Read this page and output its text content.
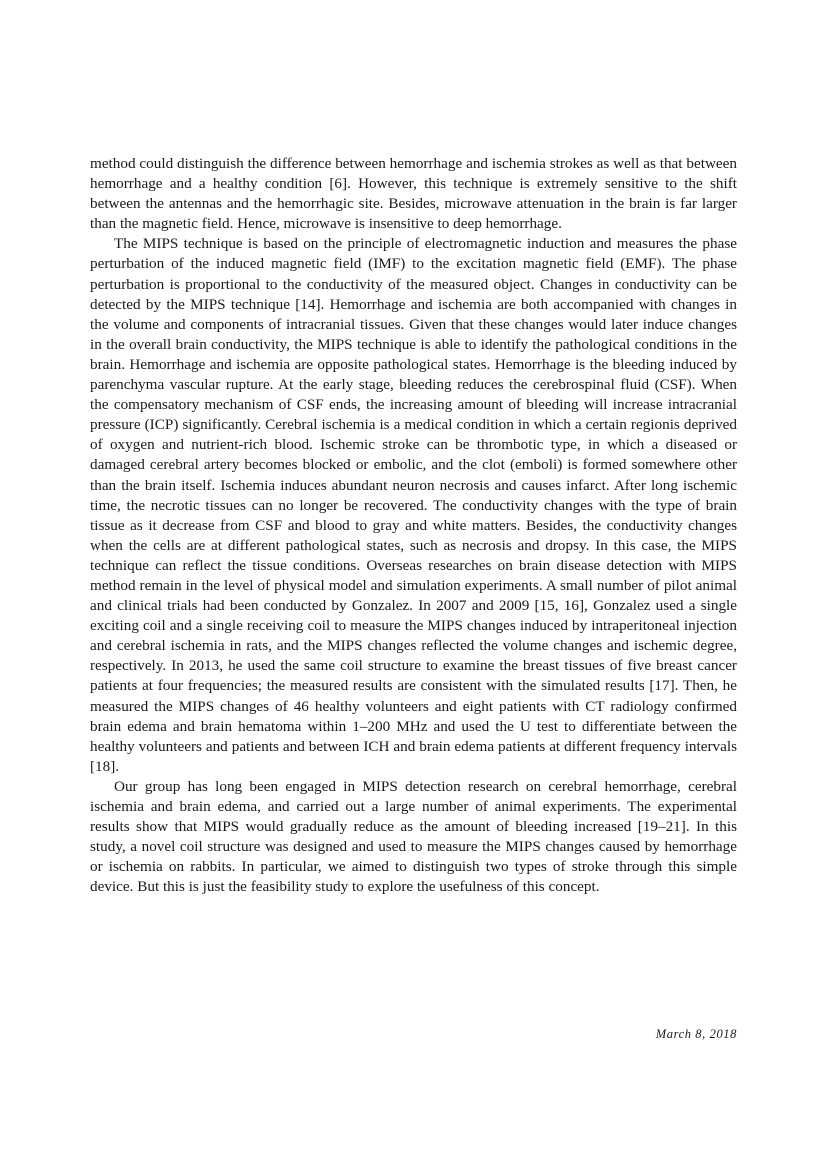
method could distinguish the difference between hemorrhage and ischemia strokes as well as that between hemorrhage and a healthy condition [6]. However, this technique is extremely sensitive to the shift between the antennas and the hemorrhagic site. Besides, microwave attenuation in the brain is far larger than the magnetic field. Hence, microwave is insensitive to deep hemorrhage.

The MIPS technique is based on the principle of electromagnetic induction and measures the phase perturbation of the induced magnetic field (IMF) to the excitation magnetic field (EMF). The phase perturbation is proportional to the conductivity of the measured object. Changes in conductivity can be detected by the MIPS technique [14]. Hemorrhage and ischemia are both accompanied with changes in the volume and components of intracranial tissues. Given that these changes would later induce changes in the overall brain conductivity, the MIPS technique is able to identify the pathological conditions in the brain. Hemorrhage and ischemia are opposite pathological states. Hemorrhage is the bleeding induced by parenchyma vascular rupture. At the early stage, bleeding reduces the cerebrospinal fluid (CSF). When the compensatory mechanism of CSF ends, the increasing amount of bleeding will increase intracranial pressure (ICP) significantly. Cerebral ischemia is a medical condition in which a certain regionis deprived of oxygen and nutrient-rich blood. Ischemic stroke can be thrombotic type, in which a diseased or damaged cerebral artery becomes blocked or embolic, and the clot (emboli) is formed somewhere other than the brain itself. Ischemia induces abundant neuron necrosis and causes infarct. After long ischemic time, the necrotic tissues can no longer be recovered. The conductivity changes with the type of brain tissue as it decrease from CSF and blood to gray and white matters. Besides, the conductivity changes when the cells are at different pathological states, such as necrosis and dropsy. In this case, the MIPS technique can reflect the tissue conditions. Overseas researches on brain disease detection with MIPS method remain in the level of physical model and simulation experiments. A small number of pilot animal and clinical trials had been conducted by Gonzalez. In 2007 and 2009 [15, 16], Gonzalez used a single exciting coil and a single receiving coil to measure the MIPS changes induced by intraperitoneal injection and cerebral ischemia in rats, and the MIPS changes reflected the volume changes and ischemic degree, respectively. In 2013, he used the same coil structure to examine the breast tissues of five breast cancer patients at four frequencies; the measured results are consistent with the simulated results [17]. Then, he measured the MIPS changes of 46 healthy volunteers and eight patients with CT radiology confirmed brain edema and brain hematoma within 1–200 MHz and used the U test to differentiate between the healthy volunteers and patients and between ICH and brain edema patients at different frequency intervals [18].

Our group has long been engaged in MIPS detection research on cerebral hemorrhage, cerebral ischemia and brain edema, and carried out a large number of animal experiments. The experimental results show that MIPS would gradually reduce as the amount of bleeding increased [19–21]. In this study, a novel coil structure was designed and used to measure the MIPS changes caused by hemorrhage or ischemia on rabbits. In particular, we aimed to distinguish two types of stroke through this simple device. But this is just the feasibility study to explore the usefulness of this concept.

March 8, 2018
